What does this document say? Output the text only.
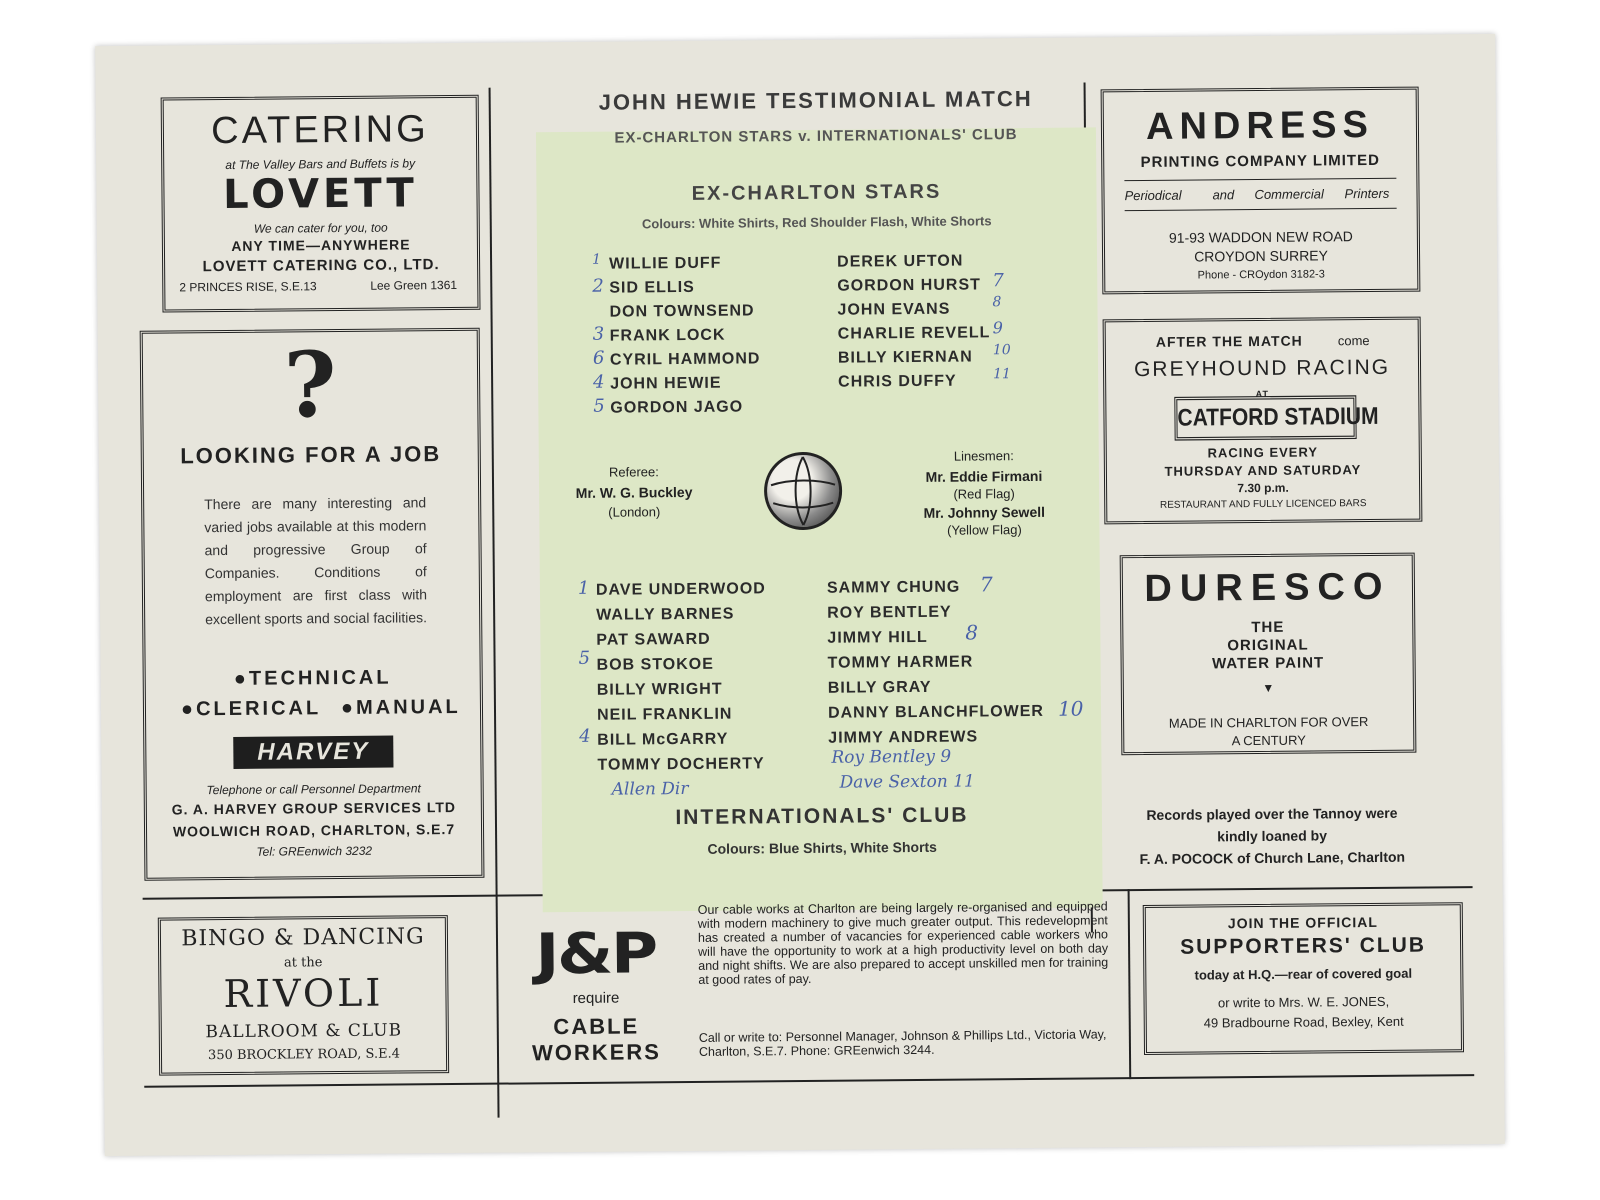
CATERING
at The Valley Bars and Buffets is by
LOVETT
We can cater for you, too
ANY TIME—ANYWHERE
LOVETT CATERING CO., LTD.
2 PRINCES RISE, S.E.13	Lee Green 1361
?
LOOKING FOR A JOB
There are many interesting and varied jobs available at this modern and progressive Group of Companies. Conditions of employment are first class with excellent sports and social facilities.
●TECHNICAL
●CLERICAL ●MANUAL
HARVEY
Telephone or call Personnel Department
G. A. HARVEY GROUP SERVICES LTD
WOOLWICH ROAD, CHARLTON, S.E.7
Tel: GREenwich 3232
JOHN HEWIE TESTIMONIAL MATCH
EX-CHARLTON STARS v. INTERNATIONALS' CLUB
EX-CHARLTON STARS
Colours: White Shirts, Red Shoulder Flash, White Shorts
1 WILLIE DUFF
2 SID ELLIS
DON TOWNSEND
3 FRANK LOCK
6 CYRIL HAMMOND
4 JOHN HEWIE
5 GORDON JAGO
DEREK UFTON
GORDON HURST 7
JOHN EVANS	8
CHARLIE REVELL 9
BILLY KIERNAN 10
CHRIS DUFFY	11
Referee:
Mr. W. G. Buckley
(London)
Linesmen:
Mr. Eddie Firmani
(Red Flag)
Mr. Johnny Sewell
(Yellow Flag)
1 DAVE UNDERWOOD
WALLY BARNES
PAT SAWARD
5 BOB STOKOE
BILLY WRIGHT
NEIL FRANKLIN
4 BILL McGARRY
TOMMY DOCHERTY
SAMMY CHUNG 7
ROY BENTLEY
JIMMY HILL 8
TOMMY HARMER
BILLY GRAY
DANNY BLANCHFLOWER 10
JIMMY ANDREWS
Roy Bentley 9
Dave Sexton 11
Allen Dir
INTERNATIONALS' CLUB
Colours: Blue Shirts, White Shorts
ANDRESS
PRINTING COMPANY LIMITED
Periodical and Commercial Printers
91-93 WADDON NEW ROAD
CROYDON SURREY
Phone - CROydon 3182-3
AFTER THE MATCH	come
GREYHOUND RACING
AT
CATFORD STADIUM
RACING EVERY
THURSDAY AND SATURDAY
7.30 p.m.
RESTAURANT AND FULLY LICENCED BARS
DURESCO
THE
ORIGINAL
WATER PAINT
▼
MADE IN CHARLTON FOR OVER
A CENTURY
Records played over the Tannoy were
kindly loaned by
F. A. POCOCK of Church Lane, Charlton
BINGO & DANCING
at the
RIVOLI
BALLROOM & CLUB
350 BROCKLEY ROAD, S.E.4
J&P
require
CABLE
WORKERS
Our cable works at Charlton are being largely re-organised and equipped with modern machinery to give much greater output. This redevelopment has created a number of vacancies for experienced cable workers who will have the opportunity to work at a high productivity level on both day and night shifts. We are also prepared to accept unskilled men for training at good rates of pay.
Call or write to: Personnel Manager, Johnson & Phillips Ltd., Victoria Way, Charlton, S.E.7. Phone: GREenwich 3244.
JOIN THE OFFICIAL
SUPPORTERS' CLUB
today at H.Q.—rear of covered goal
or write to Mrs. W. E. JONES,
49 Bradbourne Road, Bexley, Kent
